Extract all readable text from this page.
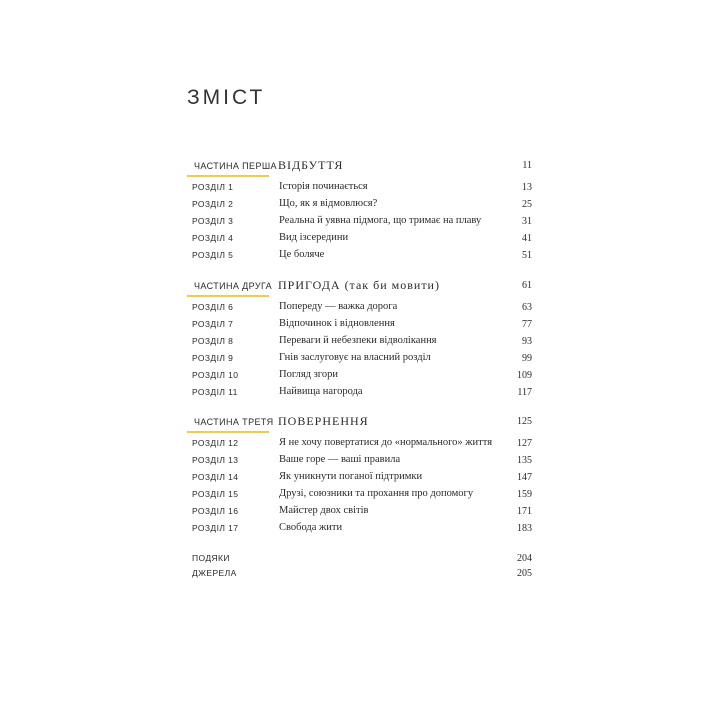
ЗМІСТ
ЧАСТИНА ПЕРША ВІДБУТТЯ	11
РОЗДІЛ 1	Історія починається	13
РОЗДІЛ 2	Що, як я відмовлюся?	25
РОЗДІЛ 3	Реальна й уявна підмога, що тримає на плаву	31
РОЗДІЛ 4	Вид ізсередини	41
РОЗДІЛ 5	Це боляче	51
ЧАСТИНА ДРУГА ПРИГОДА (так би мовити)	61
РОЗДІЛ 6	Попереду — важка дорога	63
РОЗДІЛ 7	Відпочинок і відновлення	77
РОЗДІЛ 8	Переваги й небезпеки відволікання	93
РОЗДІЛ 9	Гнів заслуговує на власний розділ	99
РОЗДІЛ 10	Погляд згори	109
РОЗДІЛ 11	Найвища нагорода	117
ЧАСТИНА ТРЕТЯ ПОВЕРНЕННЯ	125
РОЗДІЛ 12	Я не хочу повертатися до «нормального» життя	127
РОЗДІЛ 13	Ваше горе — ваші правила	135
РОЗДІЛ 14	Як уникнути поганої підтримки	147
РОЗДІЛ 15	Друзі, союзники та прохання про допомогу	159
РОЗДІЛ 16	Майстер двох світів	171
РОЗДІЛ 17	Свобода жити	183
ПОДЯКИ	204
ДЖЕРЕЛА	205
